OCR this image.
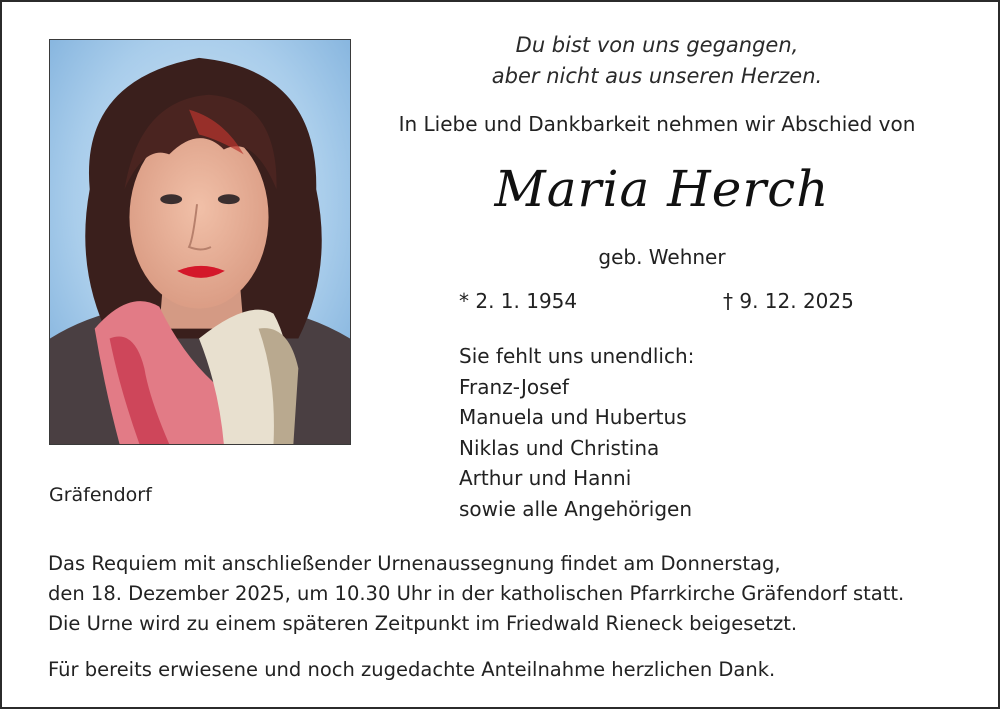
Du bist von uns gegangen,
aber nicht aus unseren Herzen.
In Liebe und Dankbarkeit nehmen wir Abschied von
Maria Herch
geb. Wehner
* 2. 1. 1954	† 9. 12. 2025
Sie fehlt uns unendlich:
Franz-Josef
Manuela und Hubertus
Niklas und Christina
Arthur und Hanni
sowie alle Angehörigen
Gräfendorf
Das Requiem mit anschließender Urnenaussegnung findet am Donnerstag,
den 18. Dezember 2025, um 10.30 Uhr in der katholischen Pfarrkirche Gräfendorf statt.
Die Urne wird zu einem späteren Zeitpunkt im Friedwald Rieneck beigesetzt.
Für bereits erwiesene und noch zugedachte Anteilnahme herzlichen Dank.
